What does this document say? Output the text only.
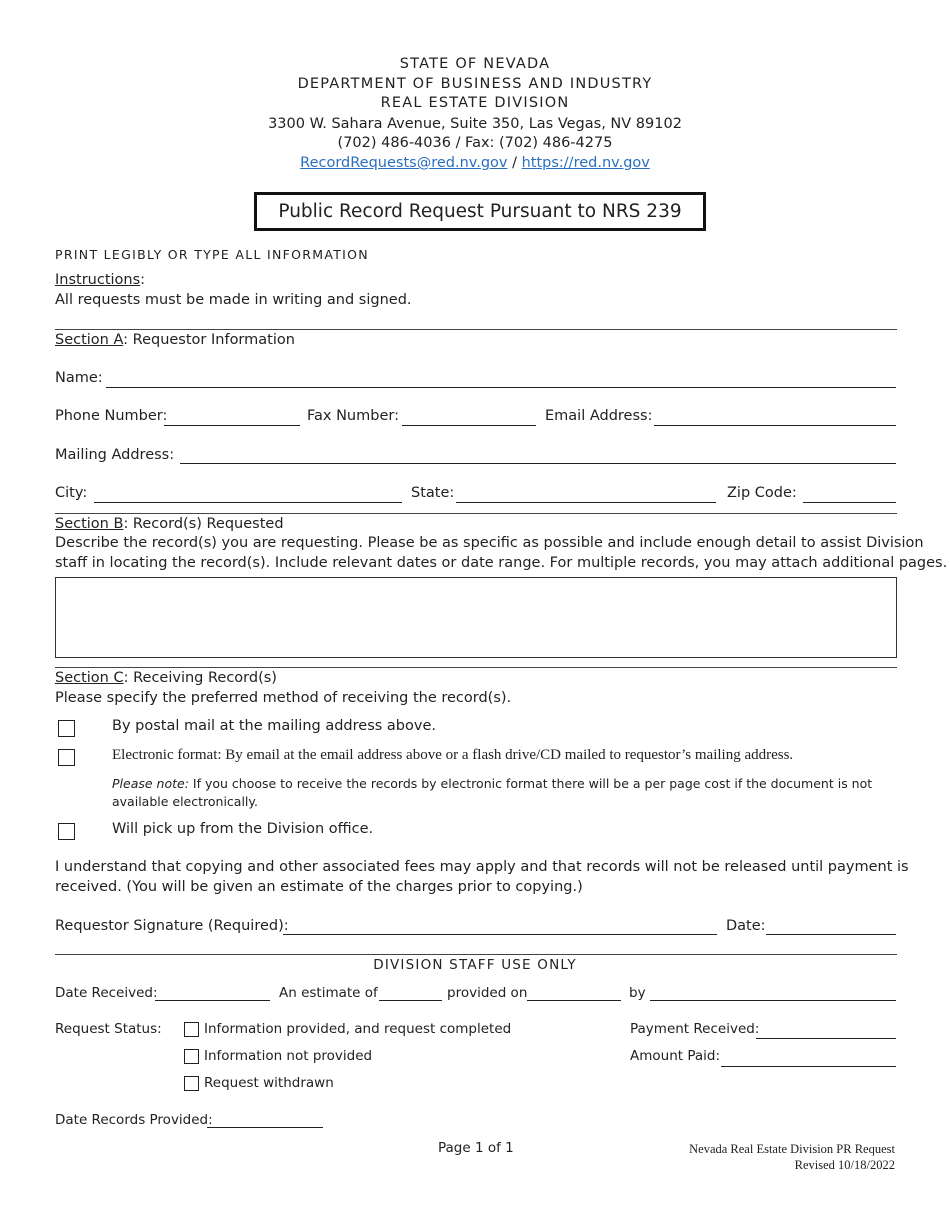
STATE OF NEVADA
DEPARTMENT OF BUSINESS AND INDUSTRY
REAL ESTATE DIVISION
3300 W. Sahara Avenue, Suite 350, Las Vegas, NV 89102
(702) 486-4036 / Fax: (702) 486-4275
RecordRequests@red.nv.gov / https://red.nv.gov
Public Record Request Pursuant to NRS 239
PRINT LEGIBLY OR TYPE ALL INFORMATION
Instructions:
All requests must be made in writing and signed.
Section A: Requestor Information
Name:
Phone Number:	Fax Number:	Email Address:
Mailing Address:
City:	State:	Zip Code:
Section B: Record(s) Requested
Describe the record(s) you are requesting. Please be as specific as possible and include enough detail to assist Division
staff in locating the record(s). Include relevant dates or date range. For multiple records, you may attach additional pages.
Section C: Receiving Record(s)
Please specify the preferred method of receiving the record(s).
By postal mail at the mailing address above.
Electronic format: By email at the email address above or a flash drive/CD mailed to requestor’s mailing address.
Please note: If you choose to receive the records by electronic format there will be a per page cost if the document is not
available electronically.
Will pick up from the Division office.
I understand that copying and other associated fees may apply and that records will not be released until payment is
received. (You will be given an estimate of the charges prior to copying.)
Requestor Signature (Required):	Date:
DIVISION STAFF USE ONLY
Date Received:	An estimate of	provided on	by
Request Status:	Information provided, and request completed
Information not provided
Request withdrawn
Payment Received:
Amount Paid:
Date Records Provided:
Page 1 of 1	Nevada Real Estate Division PR Request
Revised 10/18/2022
